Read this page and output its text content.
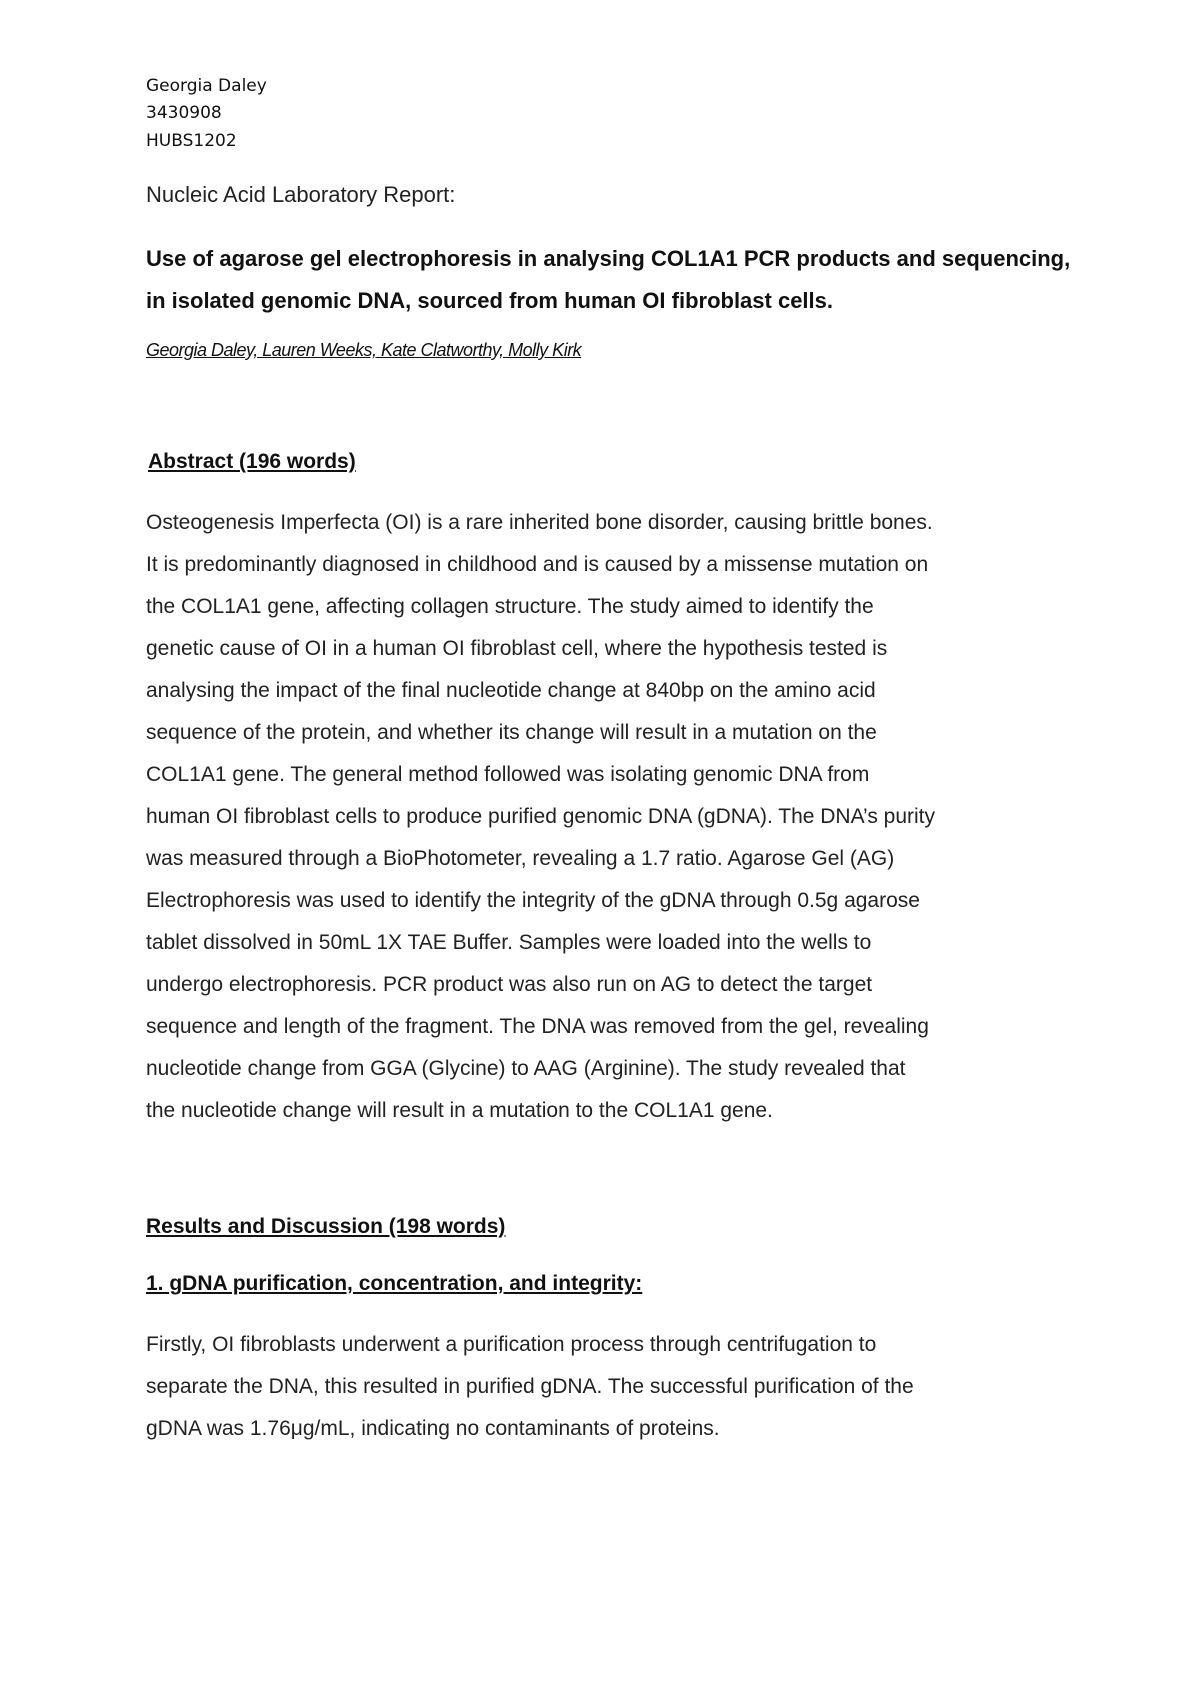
Georgia Daley
3430908
HUBS1202
Nucleic Acid Laboratory Report:
Use of agarose gel electrophoresis in analysing COL1A1 PCR products and sequencing, in isolated genomic DNA, sourced from human OI fibroblast cells.
Georgia Daley, Lauren Weeks, Kate Clatworthy, Molly Kirk
Abstract (196 words)
Osteogenesis Imperfecta (OI) is a rare inherited bone disorder, causing brittle bones.
It is predominantly diagnosed in childhood and is caused by a missense mutation on
the COL1A1 gene, affecting collagen structure. The study aimed to identify the
genetic cause of OI in a human OI fibroblast cell, where the hypothesis tested is
analysing the impact of the final nucleotide change at 840bp on the amino acid
sequence of the protein, and whether its change will result in a mutation on the
COL1A1 gene. The general method followed was isolating genomic DNA from
human OI fibroblast cells to produce purified genomic DNA (gDNA). The DNA’s purity
was measured through a BioPhotometer, revealing a 1.7 ratio. Agarose Gel (AG)
Electrophoresis was used to identify the integrity of the gDNA through 0.5g agarose
tablet dissolved in 50mL 1X TAE Buffer. Samples were loaded into the wells to
undergo electrophoresis. PCR product was also run on AG to detect the target
sequence and length of the fragment. The DNA was removed from the gel, revealing
nucleotide change from GGA (Glycine) to AAG (Arginine). The study revealed that
the nucleotide change will result in a mutation to the COL1A1 gene.
Results and Discussion (198 words)
1. gDNA purification, concentration, and integrity:
Firstly, OI fibroblasts underwent a purification process through centrifugation to
separate the DNA, this resulted in purified gDNA. The successful purification of the
gDNA was 1.76μg/mL, indicating no contaminants of proteins.
